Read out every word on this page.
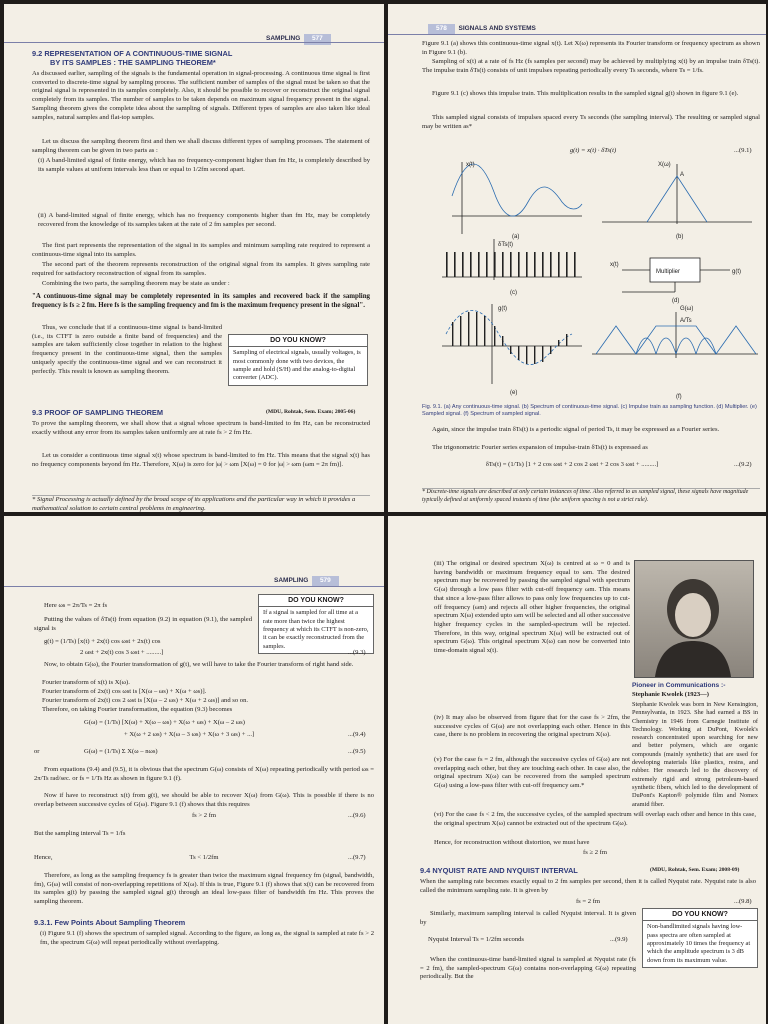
SAMPLING 577
9.2 REPRESENTATION OF A CONTINUOUS-TIME SIGNAL
BY ITS SAMPLES : THE SAMPLING THEOREM*
As discussed earlier, sampling of the signals is the fundamental operation in signal-processing. A continuous time signal is first converted to discrete-time signal by sampling process. The sufficient number of samples of the signal must be taken so that the original signal is represented in its samples completely. Also, it should be possible to recover or reconstruct the original signal completely from its samples. The number of samples to be taken depends on maximum signal frequency present in the signal. Sampling theorem gives the complete idea about the sampling of signals. Different types of samples are also taken like ideal samples, natural samples and flat-top samples.
Let us discuss the sampling theorem first and then we shall discuss different types of sampling processes. The statement of sampling theorem can be given in two parts as :
(i) A band-limited signal of finite energy, which has no frequency-component higher than fm Hz, is completely described by its sample values at uniform intervals less than or equal to 1/2fm second apart.
(ii) A band-limited signal of finite energy, which has no frequency components higher than fm Hz, may be completely recovered from the knowledge of its samples taken at the rate of 2 fm samples per second.
The first part represents the representation of the signal in its samples and minimum sampling rate required to represent a continuous-time signal into its samples.
The second part of the theorem represents reconstruction of the original signal from its samples. It gives sampling rate required for satisfactory reconstruction of signal from its samples.
Combining the two parts, the sampling theorem may be state as under :
"A continuous-time signal may be completely represented in its samples and recovered back if the sampling frequency is fs ≥ 2 fm. Here fs is the sampling frequency and fm is the maximum frequency present in the signal".
Thus, we conclude that if a continuous-time signal is band-limited (i.e., its CTFT is zero outside a finite band of frequencies) and the samples are taken sufficiently close together in relation to the highest frequency present in the continuous-time signal, then the samples uniquely specify the continuous-time signal and we can reconstruct it perfectly. This result is known as sampling theorem.
DO YOU KNOW?
Sampling of electrical signals, usually voltages, is most commonly done with two devices, the sample and hold (S/H) and the analog-to-digital converter (ADC).
9.3 PROOF OF SAMPLING THEOREM	(MDU, Rohtak, Sem. Exam; 2005-06)
To prove the sampling theorem, we shall show that a signal whose spectrum is band-limited to fm Hz, can be reconstructed exactly without any error from its samples taken uniformly are at rate fs > 2 fm Hz.
Let us consider a continuous time signal x(t) whose spectrum is band-limited to fm Hz. This means that the signal x(t) has no frequency components beyond fm Hz. Therefore, X(ω) is zero for |ω| > ωm [X(ω) = 0 for |ω| > ωm (ωm = 2π fm)].
* Signal Processing is actually defined by the broad scope of its applications and the particular way in which it provides a mathematical solution to certain central problems in engineering.
578 SIGNALS AND SYSTEMS
Figure 9.1 (a) shows this continuous-time signal x(t). Let X(ω) represents its Fourier transform or frequency spectrum as shown in Figure 9.1 (b).
Sampling of x(t) at a rate of fs Hz (fs samples per second) may be achieved by multiplying x(t) by an impulse train δTs(t). The impulse train δTs(t) consists of unit impulses repeating periodically every Ts seconds, where Ts = 1/fs.
Figure 9.1 (c) shows this impulse train. This multiplication results in the sampled signal g(t) shown in figure 9.1 (e).
This sampled signal consists of impulses spaced every Ts seconds (the sampling interval). The resulting or sampled signal may be written as*
g(t) = x(t) · δTs(t)	...(9.1)
x(t)
(a)
X(ω)
A
(b)
δTs(t)
(c)
x(t)
Multiplier	g(t)
(d)
g(t)
(e)
G(ω)
A/Ts
(f)
Fig. 9.1. (a) Any continuous-time signal. (b) Spectrum of continuous-time signal. (c) Impulse train as sampling function. (d) Multiplier. (e) Sampled signal. (f) Spectrum of sampled signal.
Again, since the impulse train δTs(t) is a periodic signal of period Ts, it may be expressed as a Fourier series.
The trigonometric Fourier series expansion of impulse-train δTs(t) is expressed as
δTs(t) = (1/Ts) [1 + 2 cos ωst + 2 cos 2 ωst + 2 cos 3 ωst + .........]	...(9.2)
* Discrete-time signals are described at only certain instances of time. Also referred to as sampled signal, these signals have magnitude typically defined at uniformly spaced instants of time (the uniform spacing is not a strict rule).
SAMPLING 579
Here ωs = 2π/Ts = 2π fs
DO YOU KNOW?
If a signal is sampled for all time at a rate more than twice the highest frequency at which its CTFT is non-zero, it can be exactly reconstructed from the samples.
Putting the values of δTs(t) from equation (9.2) in equation (9.1), the sampled signal is
g(t) = (1/Ts) [x(t) + 2x(t) cos ωst + 2x(t) cos
2 ωst + 2x(t) cos 3 ωst + .........]	...(9.3)
Now, to obtain G(ω), the Fourier transformation of g(t), we will have to take the Fourier transform of right hand side.
Fourier transform of x(t) is X(ω).
Fourier transform of 2x(t) cos ωst is [X(ω – ωs) + X(ω + ωs)].
Fourier transform of 2x(t) cos 2 ωst is [X(ω – 2 ωs) + X(ω + 2 ωs)] and so on.
Therefore, on taking Fourier transformation, the equation (9.3) becomes
G(ω) = (1/Ts) [X(ω) + X(ω – ωs) + X(ω + ωs) + X(ω – 2 ωs)
+ X(ω + 2 ωs) + X(ω – 3 ωs) + X(ω + 3 ωs) + ...]	...(9.4)
or	G(ω) = (1/Ts) Σ X(ω – nωs)	...(9.5)
From equations (9.4) and (9.5), it is obvious that the spectrum G(ω) consists of X(ω) repeating periodically with period ωs = 2π/Ts rad/sec. or fs = 1/Ts Hz as shown in figure 9.1 (f).
Now if have to reconstruct x(t) from g(t), we should be able to recover X(ω) from G(ω). This is possible if there is no overlap between successive cycles of G(ω). Figure 9.1 (f) shows that this requires
fs > 2 fm	...(9.6)
But the sampling interval Ts = 1/fs
Hence,	Ts < 1/2fm	...(9.7)
Therefore, as long as the sampling frequency fs is greater than twice the maximum signal frequency fm (signal, bandwidth, fm), G(ω) will consist of non-overlapping repetitions of X(ω). If this is true, Figure 9.1 (f) shows that x(t) can be recovered from its samples g(t) by passing the sampled signal g(t) through an ideal low-pass filter of bandwidth fm Hz. This proves the sampling theorem.
9.3.1. Few Points About Sampling Theorem
(i) Figure 9.1 (f) shows the spectrum of sampled signal. According to the figure, as long as, the signal is sampled at rate fs > 2 fm, the spectrum G(ω) will repeat periodically without overlapping.
(iii) The original or desired spectrum X(ω) is centred at ω = 0 and is having bandwidth or maximum frequency equal to ωm. The desired spectrum may be recovered by passing the sampled signal with spectrum G(ω) through a low pass filter with cut-off frequency ωm. This means that since a low-pass filter allows to pass only low frequencies up to cut-off frequency (ωm) and rejects all other higher frequencies, the original spectrum X(ω) extended upto ωm will be selected and all other successive higher frequency cycles in the sampled-spectrum will be rejected. Therefore, in this way, original spectrum X(ω) will be extracted out of spectrum G(ω). This original spectrum X(ω) can now be converted into time-domain signal x(t).
Pioneer in Communications :-
Stephanie Kwolek (1923—)
Stephanie Kwolek was born in New Kensington, Pennsylvania, in 1923. She had earned a BS in Chemistry in 1946 from Carnegie Institute of Technology. Working at DuPont, Kwolek's research concentrated upon searching for new and better polymers, which are organic compounds (mainly synthetic) that are used for developing materials like plastics, resins, and rubber. Her research led to the discovery of extremely rigid and strong petroleum-based synthetic fibers, which led to the development of DuPont's Kapton® polymide film and Nomex aramid fiber.
(iv) It may also be observed from figure that for the case fs > 2fm, the successive cycles of G(ω) are not overlapping each other. Hence in this case, there is no problem in recovering the original spectrum X(ω).
(v) For the case fs = 2 fm, although the successive cycles of G(ω) are not overlapping each other, but they are touching each other. In case also, the original spectrum X(ω) can be recovered from the sampled spectrum G(ω) using a low-pass filter with cut-off frequency ωm.*
(vi) For the case fs < 2 fm, the successive cycles, of the sampled spectrum will overlap each other and hence in this case, the original spectrum X(ω) cannot be extracted out of the spectrum G(ω).
Hence, for reconstruction without distortion, we must have
fs ≥ 2 fm
9.4 NYQUIST RATE AND NYQUIST INTERVAL	(MDU, Rohtak, Sem. Exam; 2008-09)
When the sampling rate becomes exactly equal to 2 fm samples per second, then it is called Nyquist rate. Nyquist rate is also called the minimum sampling rate. It is given by
fs = 2 fm	...(9.8)
Similarly, maximum sampling interval is called Nyquist interval. It is given by
Nyquist Interval Ts = 1/2fm seconds	...(9.9)
When the continuous-time band-limited signal is sampled at Nyquist rate (fs = 2 fm), the sampled-spectrum G(ω) contains non-overlapping G(ω) repeating periodically. But the
DO YOU KNOW?
Non-bandlimited signals having low-pass spectra are often sampled at approximately 10 times the frequency at which the amplitude spectrum is 3 dB down from its maximum value.
